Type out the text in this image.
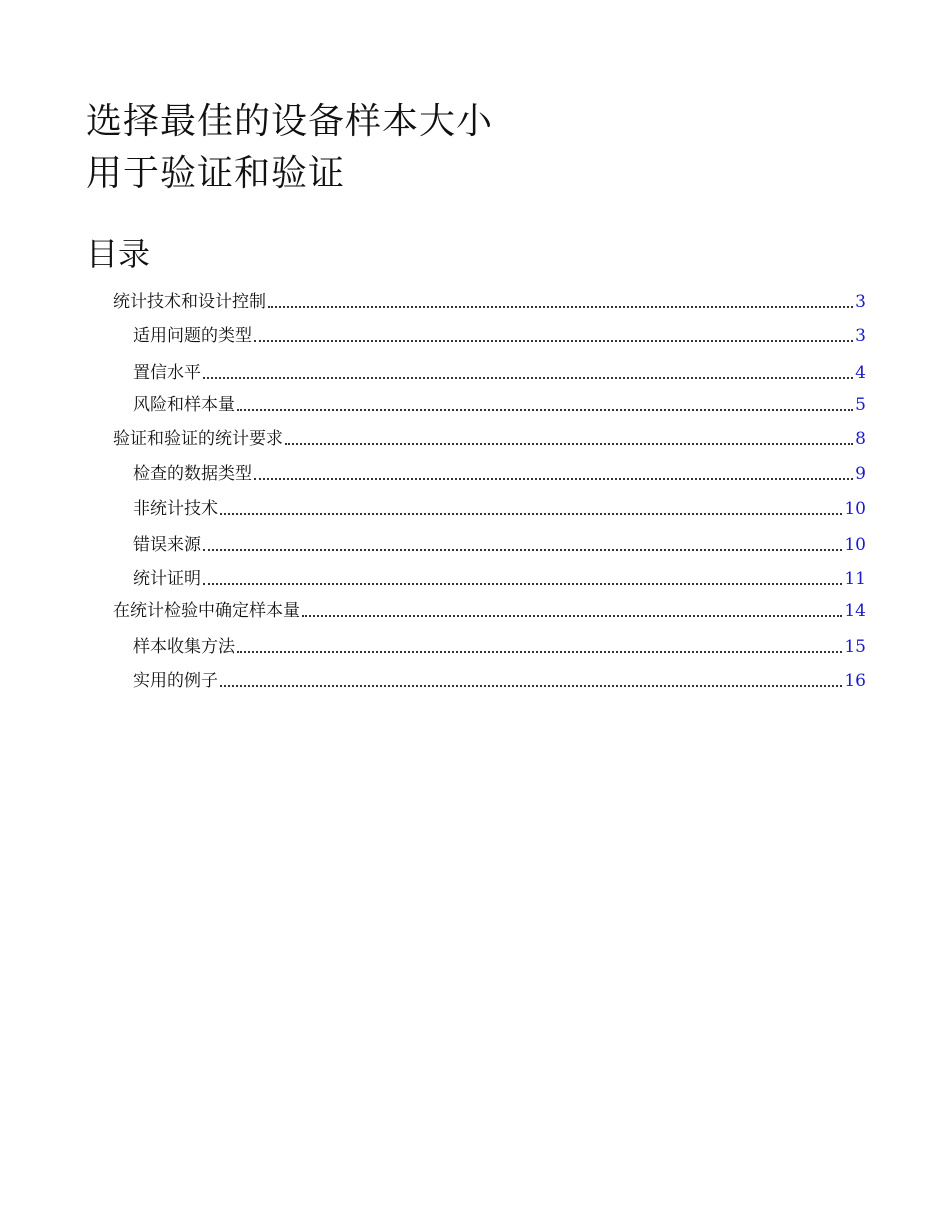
选择最佳的设备样本大小
用于验证和验证
目录
统计技术和设计控制	3
适用问题的类型	3
置信水平	4
风险和样本量	5
验证和验证的统计要求	8
检查的数据类型	9
非统计技术	10
错误来源	10
统计证明	11
在统计检验中确定样本量	14
样本收集方法	15
实用的例子	16
